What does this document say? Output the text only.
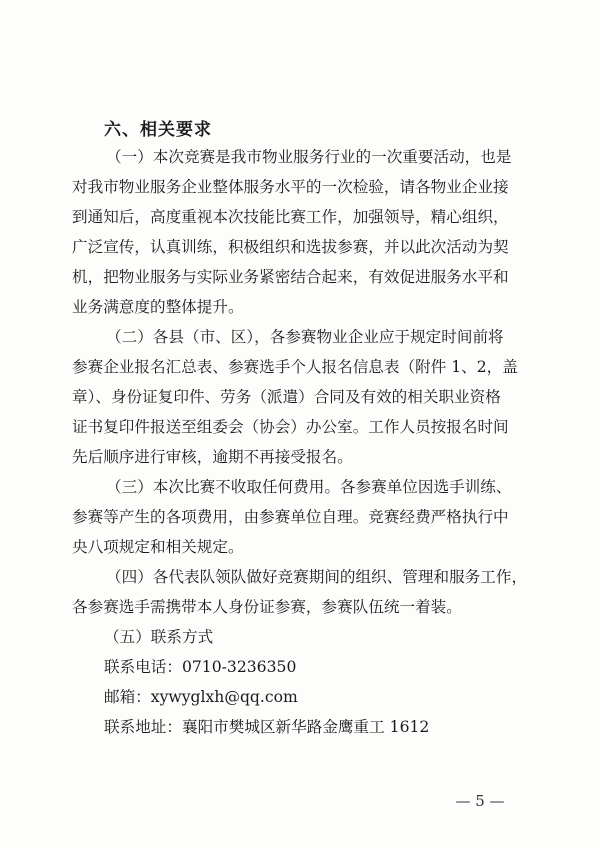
六、相关要求
（一）本次竞赛是我市物业服务行业的一次重要活动，也是
对我市物业服务企业整体服务水平的一次检验，请各物业企业接
到通知后，高度重视本次技能比赛工作，加强领导，精心组织，
广泛宣传，认真训练，积极组织和选拔参赛，并以此次活动为契
机，把物业服务与实际业务紧密结合起来，有效促进服务水平和
业务满意度的整体提升。
（二）各县（市、区），各参赛物业企业应于规定时间前将
参赛企业报名汇总表、参赛选手个人报名信息表（附件 1、2，盖
章）、身份证复印件、劳务（派遣）合同及有效的相关职业资格
证书复印件报送至组委会（协会）办公室。工作人员按报名时间
先后顺序进行审核，逾期不再接受报名。
（三）本次比赛不收取任何费用。各参赛单位因选手训练、
参赛等产生的各项费用，由参赛单位自理。竞赛经费严格执行中
央八项规定和相关规定。
（四）各代表队领队做好竞赛期间的组织、管理和服务工作，
各参赛选手需携带本人身份证参赛，参赛队伍统一着装。
（五）联系方式
联系电话：0710-3236350
邮箱：xywyglxh@qq.com
联系地址：襄阳市樊城区新华路金鹰重工 1612
— 5 —
